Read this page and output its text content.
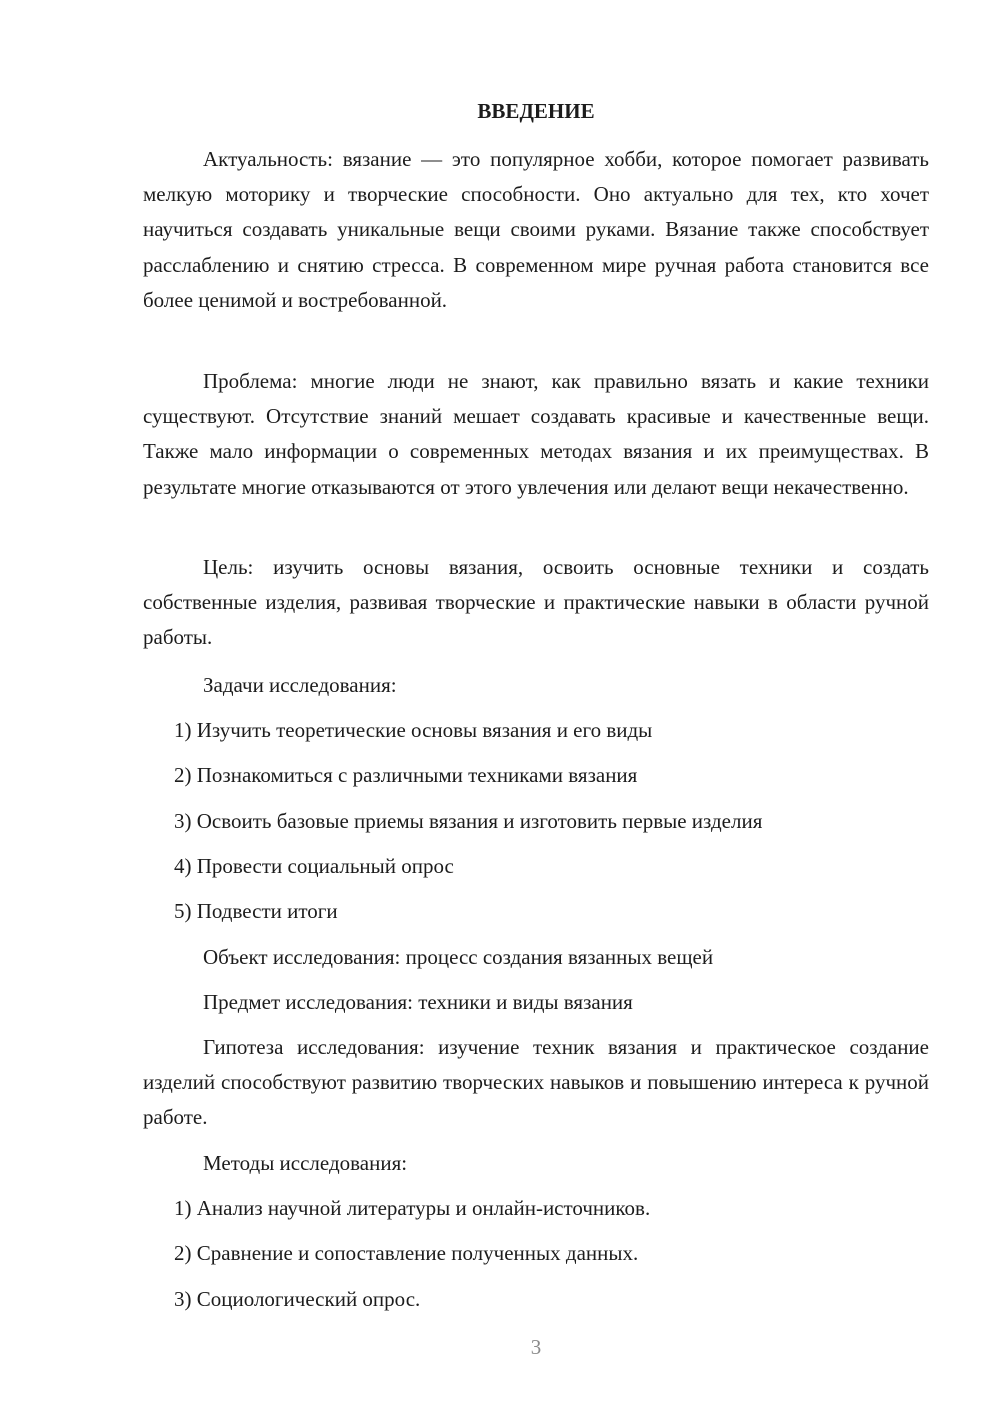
ВВЕДЕНИЕ

Актуальность: вязание — это популярное хобби, которое помогает развивать мелкую моторику и творческие способности. Оно актуально для тех, кто хочет научиться создавать уникальные вещи своими руками. Вязание также способствует расслаблению и снятию стресса. В современном мире ручная работа становится все более ценимой и востребованной.

Проблема: многие люди не знают, как правильно вязать и какие техники существуют. Отсутствие знаний мешает создавать красивые и качественные вещи. Также мало информации о современных методах вязания и их преимуществах. В результате многие отказываются от этого увлечения или делают вещи некачественно.

Цель: изучить основы вязания, освоить основные техники и создать собственные изделия, развивая творческие и практические навыки в области ручной работы.

Задачи исследования:

1) Изучить теоретические основы вязания и его виды

2) Познакомиться с различными техниками вязания

3) Освоить базовые приемы вязания и изготовить первые изделия

4) Провести социальный опрос

5) Подвести итоги

Объект исследования: процесс создания вязанных вещей

Предмет исследования: техники и виды вязания

Гипотеза исследования: изучение техник вязания и практическое создание изделий способствуют развитию творческих навыков и повышению интереса к ручной работе.

Методы исследования:

1) Анализ научной литературы и онлайн-источников.

2) Сравнение и сопоставление полученных данных.

3) Социологический опрос.

3
